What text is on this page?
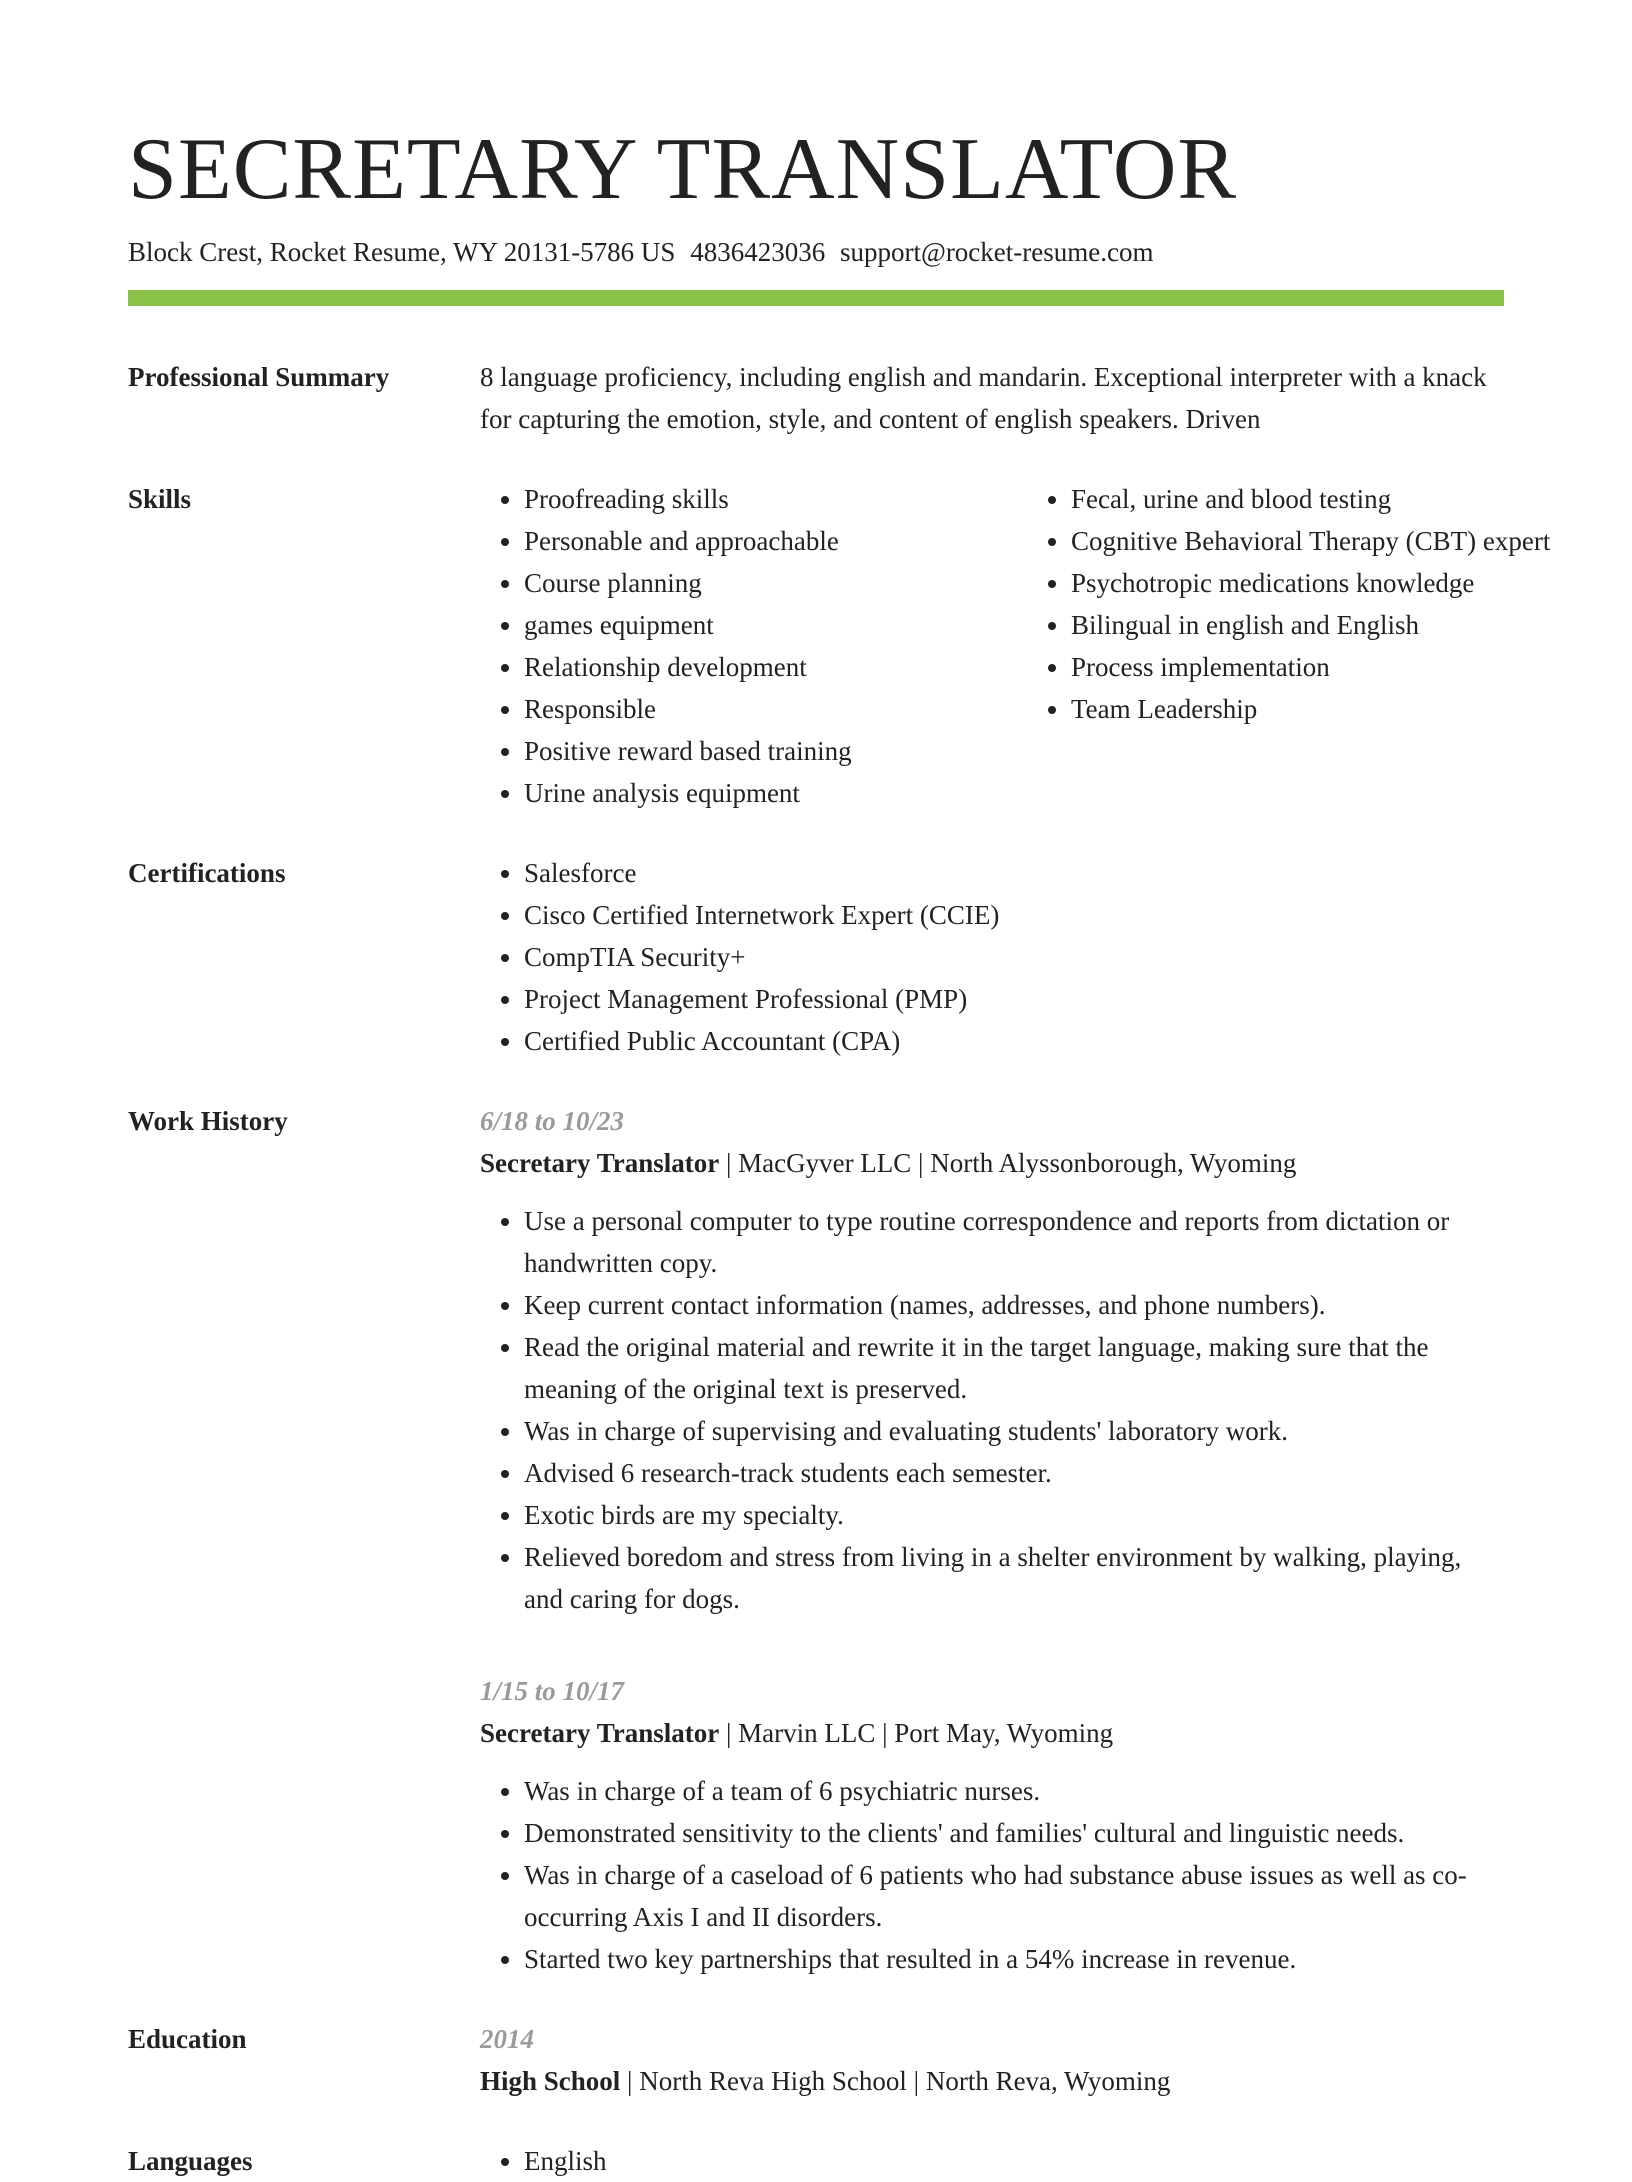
SECRETARY TRANSLATOR
Block Crest, Rocket Resume, WY 20131-5786 US 4836423036 support@rocket-resume.com
Professional Summary	8 language proficiency, including english and mandarin. Exceptional interpreter with a knack for capturing the emotion, style, and content of english speakers. Driven

Skills	• Proofreading skills
• Personable and approachable
• Course planning
• games equipment
• Relationship development
• Responsible
• Positive reward based training
• Urine analysis equipment
• Fecal, urine and blood testing
• Cognitive Behavioral Therapy (CBT) expert
• Psychotropic medications knowledge
• Bilingual in english and English
• Process implementation
• Team Leadership
Certifications	• Salesforce
• Cisco Certified Internetwork Expert (CCIE)
• CompTIA Security+
• Project Management Professional (PMP)
• Certified Public Accountant (CPA)
Work History	6/18 to 10/23
Secretary Translator | MacGyver LLC | North Alyssonborough, Wyoming
• Use a personal computer to type routine correspondence and reports from dictation or handwritten copy.
• Keep current contact information (names, addresses, and phone numbers).
• Read the original material and rewrite it in the target language, making sure that the meaning of the original text is preserved.
• Was in charge of supervising and evaluating students' laboratory work.
• Advised 6 research-track students each semester.
• Exotic birds are my specialty.
• Relieved boredom and stress from living in a shelter environment by walking, playing, and caring for dogs.
1/15 to 10/17
Secretary Translator | Marvin LLC | Port May, Wyoming
• Was in charge of a team of 6 psychiatric nurses.
• Demonstrated sensitivity to the clients' and families' cultural and linguistic needs.
• Was in charge of a caseload of 6 patients who had substance abuse issues as well as co-occurring Axis I and II disorders.
• Started two key partnerships that resulted in a 54% increase in revenue.
Education	2014
High School | North Reva High School | North Reva, Wyoming
Languages	• English
